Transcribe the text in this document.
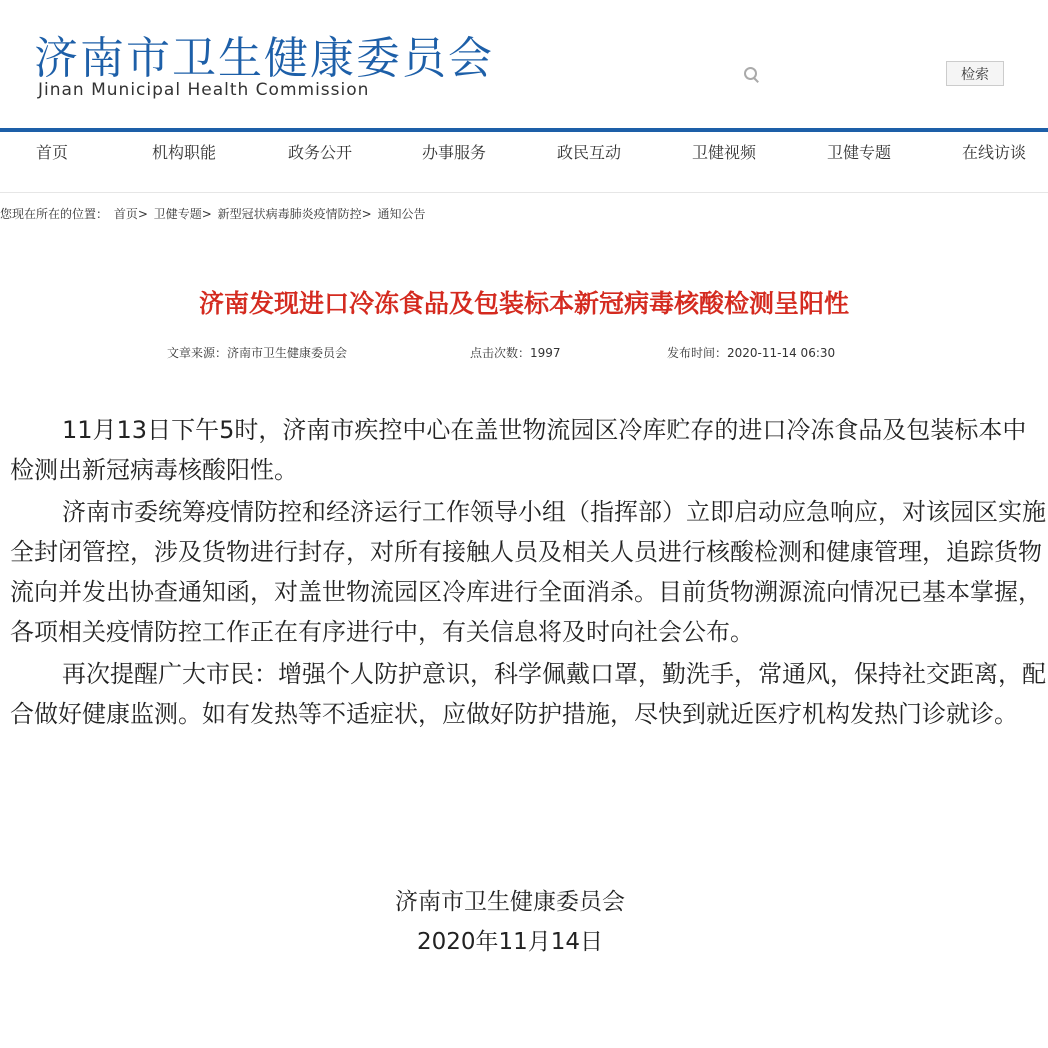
济南市卫生健康委员会
Jinan Municipal Health Commission
检索
首页	机构职能	政务公开	办事服务	政民互动	卫健视频	卫健专题	在线访谈
您现在所在的位置： 首页> 卫健专题> 新型冠状病毒肺炎疫情防控> 通知公告
济南发现进口冷冻食品及包装标本新冠病毒核酸检测呈阳性
文章来源：济南市卫生健康委员会	点击次数：1997	发布时间：2020-11-14 06:30

11月13日下午5时，济南市疾控中心在盖世物流园区冷库贮存的进口冷冻食品及包装标本中检测出新冠病毒核酸阳性。

济南市委统筹疫情防控和经济运行工作领导小组（指挥部）立即启动应急响应，对该园区实施全封闭管控，涉及货物进行封存，对所有接触人员及相关人员进行核酸检测和健康管理，追踪货物流向并发出协查通知函，对盖世物流园区冷库进行全面消杀。目前货物溯源流向情况已基本掌握，各项相关疫情防控工作正在有序进行中，有关信息将及时向社会公布。

再次提醒广大市民：增强个人防护意识，科学佩戴口罩，勤洗手，常通风，保持社交距离，配合做好健康监测。如有发热等不适症状，应做好防护措施，尽快到就近医疗机构发热门诊就诊。

济南市卫生健康委员会
2020年11月14日
